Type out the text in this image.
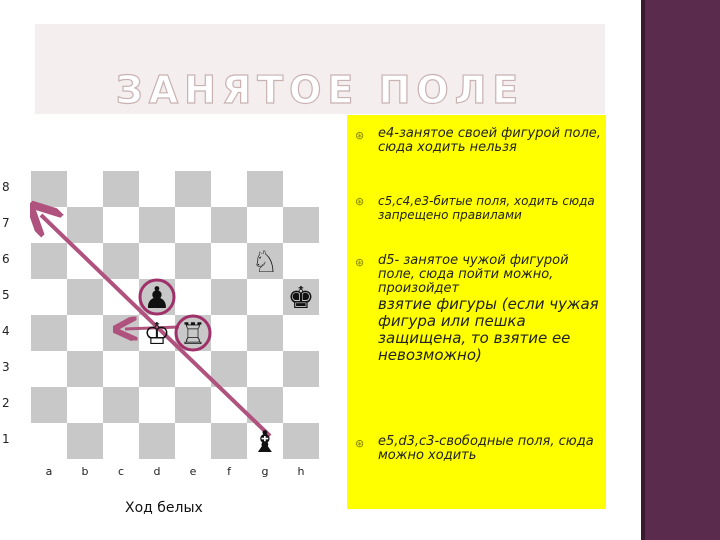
ЗАНЯТОЕ ПОЛЕ
⊛ e4-занятое своей фигурой поле, сюда ходить нельзя
⊛ c5,c4,e3-битые поля, ходить сюда запрещено правилами
⊛ d5- занятое чужой фигурой поле, сюда пойти можно, произойдет
взятие фигуры (если чужая фигура или пешка защищена, то взятие ее невозможно)
⊛ e5,d3,c3-свободные поля, сюда можно ходить
♘
♟	♚
♔ ♖
♝
8
7
6
5
4
3
2
1
a	b	c	d	e	f	g	h
Ход белых
